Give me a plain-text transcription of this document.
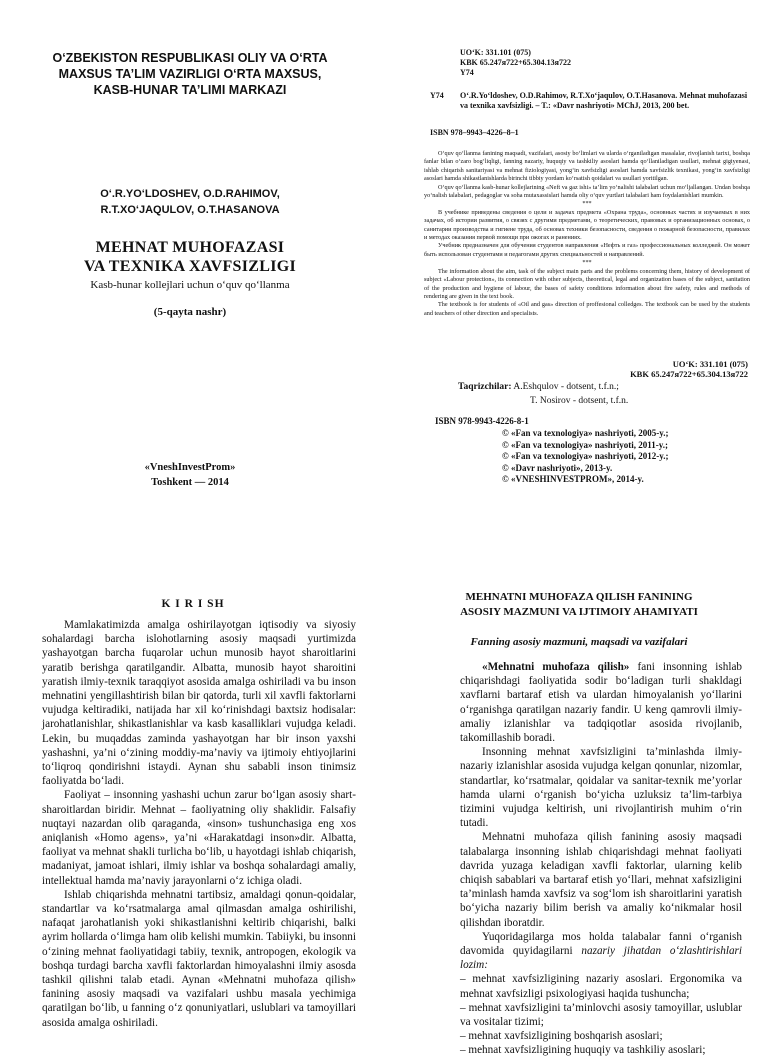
O‘ZBEKISTON RESPUBLIKASI OLIY VA O‘RTA MAXSUS TA’LIM VAZIRLIGI O‘RTA MAXSUS, KASB-HUNAR TA’LIMI MARKAZI
O‘.R.YO‘LDOSHEV, O.D.RAHIMOV,
R.T.XO‘JAQULOV, O.T.HASANOVA
MEHNAT MUHOFAZASI
VA TEXNIKA XAVFSIZLIGI
Kasb-hunar kollejlari uchun o‘quv qo‘llanma
(5-qayta nashr)
«VneshInvestProm»
Toshkent — 2014
UO‘K: 331.101 (075)
KBK 65.247я722+65.304.13я722
Y74
Y74	O‘.R.Yo‘ldoshev, O.D.Rahimov, R.T.Xo‘jaqulov, O.T.Hasanova. Mehnat muhofazasi va texnika xavfsizligi. – T.: «Davr nashriyoti» MChJ, 2013, 200 bet.
ISBN 978–9943–4226–8–1

O‘quv qo‘llanma fanining maqsadi, vazifalari, asosiy bo‘limlari va ularda o‘rganiladigan masalalar, rivojlanish tarixi, boshqa fanlar bilan o‘zaro bog‘liqligi, fanning nazariy, huquqiy va tashkiliy asoslari hamda qo‘llaniladigan usullari, mehnat gigiyenasi, ishlab chiqarish sanitariyasi va mehnat fiziologiyasi, yong‘in xavfsizligi asoslari hamda xavfsizlik texnikasi, yong‘in xavfsizligi asoslari hamda shikastlanishlarda birinchi tibbiy yordam ko‘rsatish qoidalari va usullari yoritilgan.

O‘quv qo‘llanma kasb-hunar kollejlarining «Neft va gaz ishi» ta’lim yo‘nalishi talabalari uchun mo‘ljallangan. Undan boshqa yo‘nalish talabalari, pedagoglar va soha mutaxassislari hamda oliy o‘quv yurtlari talabalari ham foydalanishlari mumkin.

***

В учебнике приведены сведения о цели и задачах предмета «Охрана труда», основных частях и изучаемых в них задачах, об истории развития, о связях с другими предметами, о теоретических, правовых и организационных основах, о санитарии производства и гигиене труда, об основах техники безопасности, сведения о пожарной безопасности, правилах и методах оказания первой помощи при ожогах и ранениях.

Учебник предназначен для обучения студентов направления «Нефть и газ» профессиональных колледжей. Он может быть использован студентами и педагогами других специальностей и направлений.

***

The information about the aim, task of the subject main parts and the problems concerning them, history of development of subject «Labour protection», its connection with other subjects, theoretical, legal and organization bases of the subject, sanitation of the production and hygiene of labour, the bases of safety conditions information about fire safety, rules and methods of rendering are given in the text book.

The textbook is for students of «Oil and gas» direction of proffesional colledges. The textbook can be used by the students and teachers of other direction and specialists.

UO‘K: 331.101 (075)
KBK 65.247я722+65.304.13я722
Taqrizchilar: A.Eshqulov - dotsent, t.f.n.;
T. Nosirov - dotsent, t.f.n.
ISBN 978-9943-4226-8-1
© «Fan va texnologiya» nashriyoti, 2005-y.;
© «Fan va texnologiya» nashriyoti, 2011-y.;
© «Fan va texnologiya» nashriyoti, 2012-y.;
© «Davr nashriyoti», 2013-y.
© «VNESHINVESTPROM», 2014-y.
K I R I SH

Mamlakatimizda amalga oshirilayotgan iqtisodiy va siyosiy sohalardagi barcha islohotlarning asosiy maqsadi yurtimizda yashayotgan barcha fuqarolar uchun munosib hayot sharoitlarini yaratib berishga qaratilgandir. Albatta, munosib hayot sharoitini yaratish ilmiy-texnik taraqqiyot asosida amalga oshiriladi va bu inson mehnatini yengillashtirish bilan bir qatorda, turli xil xavfli faktorlarni vujudga keltiradiki, natijada har xil ko‘rinishdagi baxtsiz hodisalar: jarohatlanishlar, shikastlanishlar va kasb kasalliklari vujudga keladi. Lekin, bu muqaddas zaminda yashayotgan har bir inson yaxshi yashashni, ya’ni o‘zining moddiy-ma’naviy va ijtimoiy ehtiyojlarini to‘liqroq qondirishni istaydi. Aynan shu sababli inson tinimsiz faoliyatda bo‘ladi.

Faoliyat – insonning yashashi uchun zarur bo‘lgan asosiy shart-sharoitlardan biridir. Mehnat – faoliyatning oliy shaklidir. Falsafiy nuqtayi nazardan olib qaraganda, «inson» tushunchasiga eng xos aniqlanish «Homo agens», ya’ni «Harakatdagi inson»dir. Albatta, faoliyat va mehnat shakli turlicha bo‘lib, u hayotdagi ishlab chiqarish, madaniyat, jamoat ishlari, ilmiy ishlar va boshqa sohalardagi amaliy, intellektual hamda ma’naviy jarayonlarni o‘z ichiga oladi.

Ishlab chiqarishda mehnatni tartibsiz, amaldagi qonun-qoidalar, standartlar va ko‘rsatmalarga amal qilmasdan amalga oshirilishi, nafaqat jarohatlanish yoki shikastlanishni keltirib chiqarishi, balki ayrim hollarda o‘limga ham olib kelishi mumkin. Tabiiyki, bu insonni o‘zining mehnat faoliyatidagi tabiiy, texnik, antropogen, ekologik va boshqa turdagi barcha xavfli faktorlardan himoyalashni ilmiy asosda tashkil qilishni talab etadi. Aynan «Mehnatni muhofaza qilish» fanining asosiy maqsadi va vazifalari ushbu masala yechimiga qaratilgan bo‘lib, u fanning o‘z qonuniyatlari, uslublari va tamoyillari asosida amalga oshiriladi.

MEHNATNI MUHOFAZA QILISH FANINING
ASOSIY MAZMUNI VA IJTIMOIY AHAMIYATI
Fanning asosiy mazmuni, maqsadi va vazifalari

«Mehnatni muhofaza qilish» fani insonning ishlab chiqarishdagi faoliyatida sodir bo‘ladigan turli shakldagi xavflarni bartaraf etish va ulardan himoyalanish yo‘llarini o‘rganishga qaratilgan nazariy fandir. U keng qamrovli ilmiy-amaliy izlanishlar va tadqiqotlar asosida rivojlanib, takomillashib boradi.

Insonning mehnat xavfsizligini ta’minlashda ilmiy-nazariy izlanishlar asosida vujudga kelgan qonunlar, nizomlar, standartlar, ko‘rsatmalar, qoidalar va sanitar-texnik me’yorlar hamda ularni o‘rganish bo‘yicha uzluksiz ta’lim-tarbiya tizimini vujudga keltirish, uni rivojlantirish muhim o‘rin tutadi.

Mehnatni muhofaza qilish fanining asosiy maqsadi talabalarga insonning ishlab chiqarishdagi mehnat faoliyati davrida yuzaga keladigan xavfli faktorlar, ularning kelib chiqish sabablari va bartaraf etish yo‘llari, mehnat xafsizligini ta’minlash hamda xavfsiz va sog‘lom ish sharoitlarini yaratish bo‘yicha nazariy bilim berish va amaliy ko‘nikmalar hosil qilishdan iboratdir.

Yuqoridagilarga mos holda talabalar fanni o‘rganish davomida quyidagilarni nazariy jihatdan o‘zlashtirishlari lozim:

– mehnat xavfsizligining nazariy asoslari. Ergonomika va mehnat xavfsizligi psixologiyasi haqida tushuncha;

– mehnat xavfsizligini ta’minlovchi asosiy tamoyillar, uslublar va vositalar tizimi;

– mehnat xavfsizligining boshqarish asoslari;

– mehnat xavfsizligining huquqiy va tashkiliy asoslari;
